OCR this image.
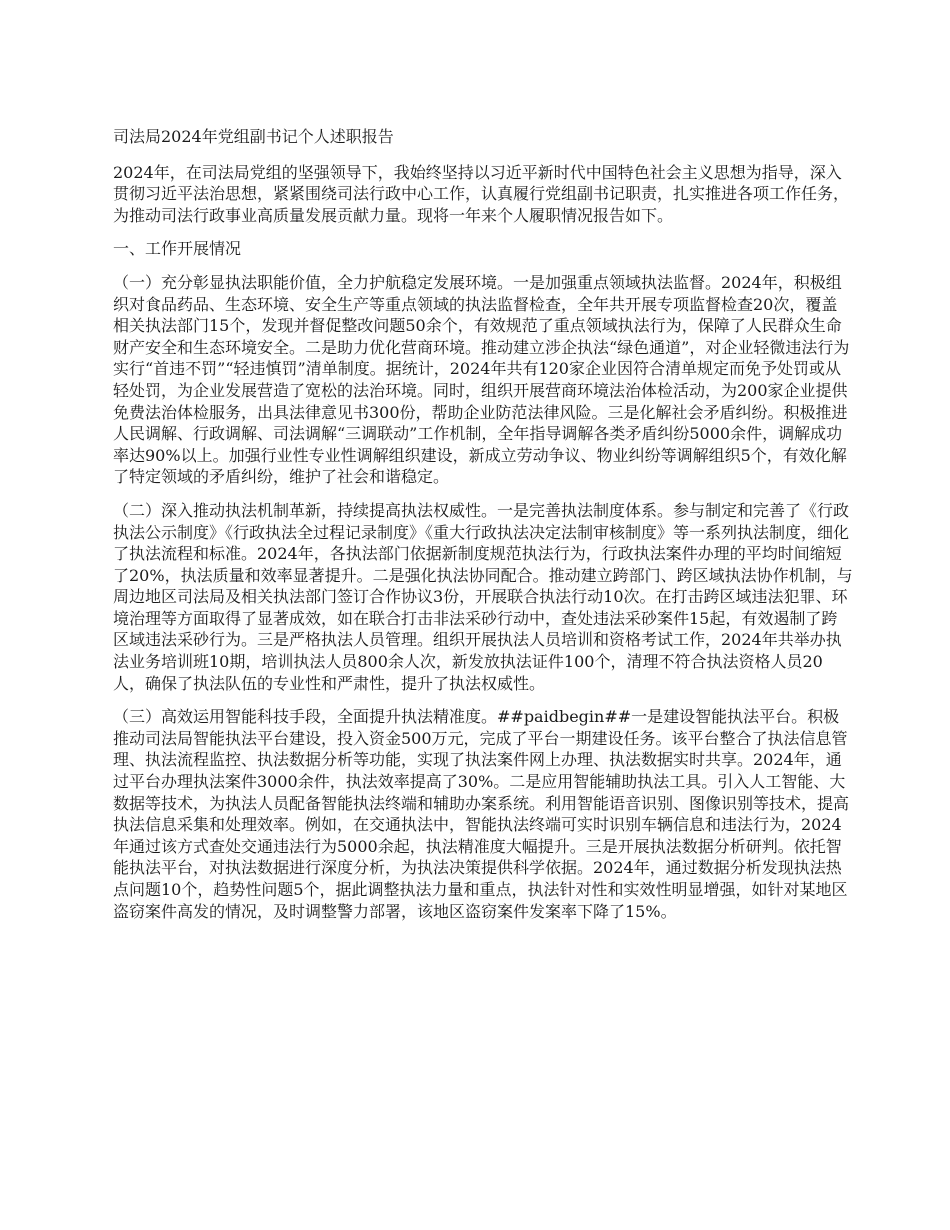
司法局2024年党组副书记个人述职报告

2024年，在司法局党组的坚强领导下，我始终坚持以习近平新时代中国特色社会主义思想为指导，深入贯彻习近平法治思想，紧紧围绕司法行政中心工作，认真履行党组副书记职责，扎实推进各项工作任务，为推动司法行政事业高质量发展贡献力量。现将一年来个人履职情况报告如下。

一、工作开展情况

（一）充分彰显执法职能价值，全力护航稳定发展环境。一是加强重点领域执法监督。2024年，积极组织对食品药品、生态环境、安全生产等重点领域的执法监督检查，全年共开展专项监督检查20次，覆盖相关执法部门15个，发现并督促整改问题50余个，有效规范了重点领域执法行为，保障了人民群众生命财产安全和生态环境安全。二是助力优化营商环境。推动建立涉企执法“绿色通道”，对企业轻微违法行为实行“首违不罚”“轻违慎罚”清单制度。据统计，2024年共有120家企业因符合清单规定而免予处罚或从轻处罚，为企业发展营造了宽松的法治环境。同时，组织开展营商环境法治体检活动，为200家企业提供免费法治体检服务，出具法律意见书300份，帮助企业防范法律风险。三是化解社会矛盾纠纷。积极推进人民调解、行政调解、司法调解“三调联动”工作机制，全年指导调解各类矛盾纠纷5000余件，调解成功率达90%以上。加强行业性专业性调解组织建设，新成立劳动争议、物业纠纷等调解组织5个，有效化解了特定领域的矛盾纠纷，维护了社会和谐稳定。

（二）深入推动执法机制革新，持续提高执法权威性。一是完善执法制度体系。参与制定和完善了《行政执法公示制度》《行政执法全过程记录制度》《重大行政执法决定法制审核制度》等一系列执法制度，细化了执法流程和标准。2024年，各执法部门依据新制度规范执法行为，行政执法案件办理的平均时间缩短了20%，执法质量和效率显著提升。二是强化执法协同配合。推动建立跨部门、跨区域执法协作机制，与周边地区司法局及相关执法部门签订合作协议3份，开展联合执法行动10次。在打击跨区域违法犯罪、环境治理等方面取得了显著成效，如在联合打击非法采砂行动中，查处违法采砂案件15起，有效遏制了跨区域违法采砂行为。三是严格执法人员管理。组织开展执法人员培训和资格考试工作，2024年共举办执法业务培训班10期，培训执法人员800余人次，新发放执法证件100个，清理不符合执法资格人员20人，确保了执法队伍的专业性和严肃性，提升了执法权威性。

（三）高效运用智能科技手段，全面提升执法精准度。##paidbegin##一是建设智能执法平台。积极推动司法局智能执法平台建设，投入资金500万元，完成了平台一期建设任务。该平台整合了执法信息管理、执法流程监控、执法数据分析等功能，实现了执法案件网上办理、执法数据实时共享。2024年，通过平台办理执法案件3000余件，执法效率提高了30%。二是应用智能辅助执法工具。引入人工智能、大数据等技术，为执法人员配备智能执法终端和辅助办案系统。利用智能语音识别、图像识别等技术，提高执法信息采集和处理效率。例如，在交通执法中，智能执法终端可实时识别车辆信息和违法行为，2024年通过该方式查处交通违法行为5000余起，执法精准度大幅提升。三是开展执法数据分析研判。依托智能执法平台，对执法数据进行深度分析，为执法决策提供科学依据。2024年，通过数据分析发现执法热点问题10个，趋势性问题5个，据此调整执法力量和重点，执法针对性和实效性明显增强，如针对某地区盗窃案件高发的情况，及时调整警力部署，该地区盗窃案件发案率下降了15%。
